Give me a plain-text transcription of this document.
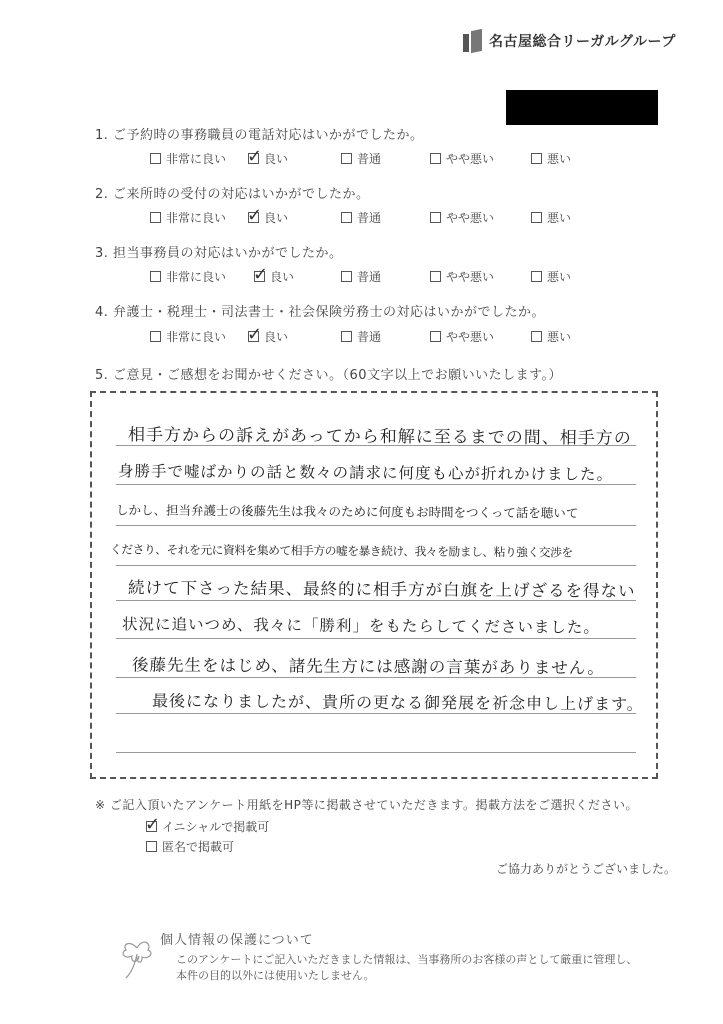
名古屋総合リーガルグループ
1. ご予約時の事務職員の電話対応はいかがでしたか。
2. ご来所時の受付の対応はいかがでしたか。
3. 担当事務員の対応はいかがでしたか。
4. 弁護士・税理士・司法書士・社会保険労務士の対応はいかがでしたか。
非常に良い ✓ 良い	普通	やや悪い	悪い
非常に良い ✓ 良い	普通	やや悪い	悪い
非常に良い ✓ 良い	普通	やや悪い	悪い
非常に良い ✓ 良い	普通	やや悪い	悪い
5. ご意見・ご感想をお聞かせください。（60文字以上でお願いいたします。）
相手方からの訴えがあってから和解に至るまでの間、相手方の
身勝手で嘘ばかりの話と数々の請求に何度も心が折れかけました。
しかし、担当弁護士の後藤先生は我々のために何度もお時間をつくって話を聴いて
くださり、それを元に資料を集めて相手方の嘘を暴き続け、我々を励まし、粘り強く交渉を
続けて下さった結果、最終的に相手方が白旗を上げざるを得ない
状況に追いつめ、我々に「勝利」をもたらしてくださいました。
後藤先生をはじめ、諸先生方には感謝の言葉がありません。
最後になりましたが、貴所の更なる御発展を祈念申し上げます。
※ ご記入頂いたアンケート用紙をHP等に掲載させていただきます。掲載方法をご選択ください。
✓ イニシャルで掲載可
匿名で掲載可
ご協力ありがとうございました。
個人情報の保護について
このアンケートにご記入いただきました情報は、当事務所のお客様の声として厳重に管理し、
本件の目的以外には使用いたしません。
